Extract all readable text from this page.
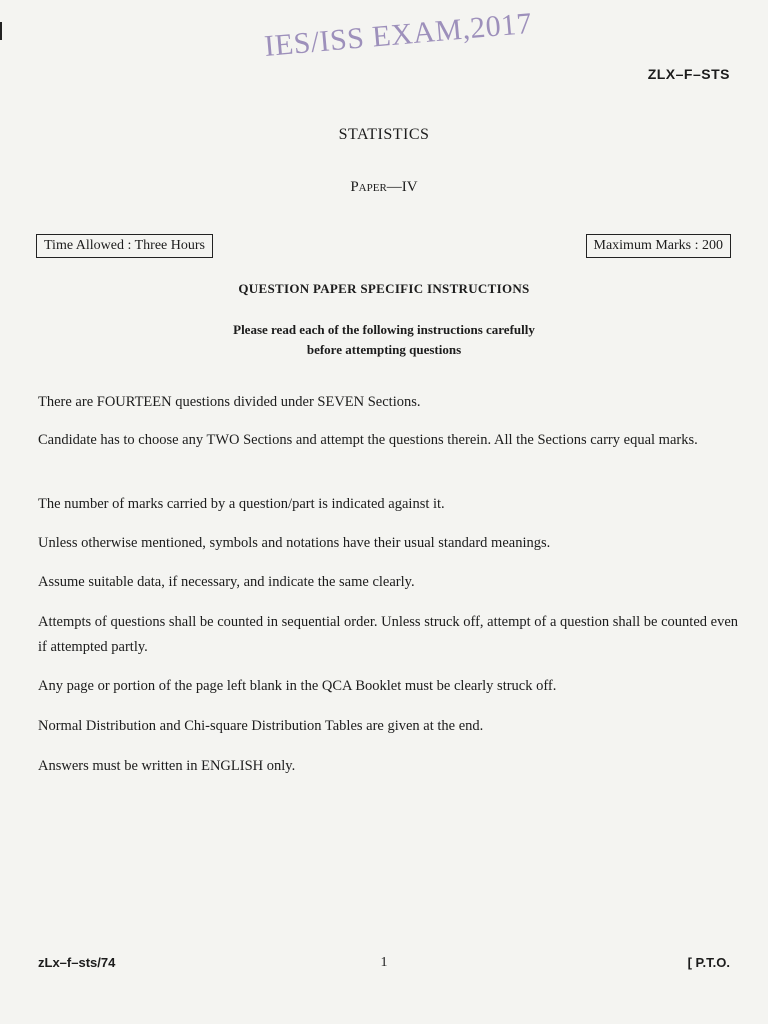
IES/ISS EXAM,2017
ZLX–F–STS
STATISTICS
Paper—IV
Time Allowed : Three Hours	Maximum Marks : 200
QUESTION PAPER SPECIFIC INSTRUCTIONS
Please read each of the following instructions carefully
before attempting questions
There are FOURTEEN questions divided under SEVEN Sections.
Candidate has to choose any TWO Sections and attempt the questions therein. All the Sections carry equal marks.
The number of marks carried by a question/part is indicated against it.
Unless otherwise mentioned, symbols and notations have their usual standard meanings.
Assume suitable data, if necessary, and indicate the same clearly.
Attempts of questions shall be counted in sequential order. Unless struck off, attempt of a question shall be counted even if attempted partly.
Any page or portion of the page left blank in the QCA Booklet must be clearly struck off.
Normal Distribution and Chi-square Distribution Tables are given at the end.
Answers must be written in ENGLISH only.
zLx–f–sts/74	1	[ P.T.O.
